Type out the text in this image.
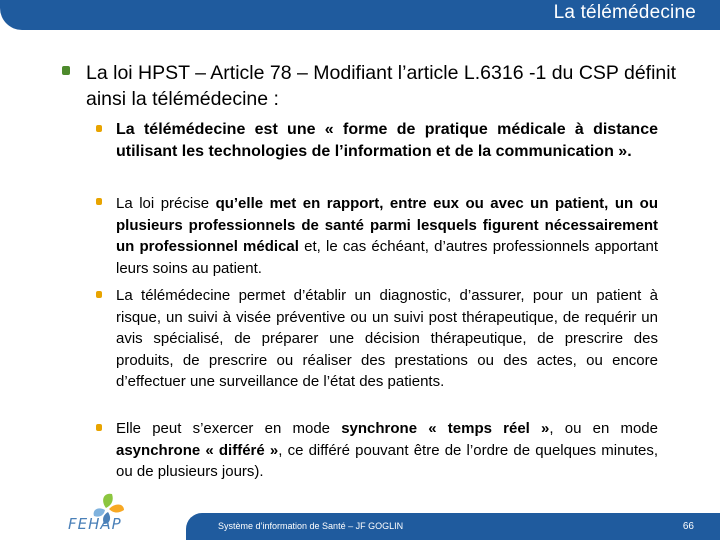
La télémédecine
La loi HPST – Article 78 – Modifiant l’article L.6316 -1 du CSP définit ainsi la télémédecine :
La télémédecine est une « forme de pratique médicale à distance utilisant les technologies de l’information et de la communication ».
La loi précise qu’elle met en rapport, entre eux ou avec un patient, un ou plusieurs professionnels de santé parmi lesquels figurent nécessairement un professionnel médical et, le cas échéant, d’autres professionnels apportant leurs soins au patient.
La télémédecine permet d’établir un diagnostic, d’assurer, pour un patient à risque, un suivi à visée préventive ou un suivi post thérapeutique, de requérir un avis spécialisé, de préparer une décision thérapeutique, de prescrire des produits, de prescrire ou réaliser des prestations ou des actes, ou encore d’effectuer une surveillance de l’état des patients.
Elle peut s’exercer en mode synchrone « temps réel », ou en mode asynchrone « différé », ce différé pouvant être de l’ordre de quelques minutes, ou de plusieurs jours).
FEHAP	Système d’information de Santé – JF GOGLIN	66
